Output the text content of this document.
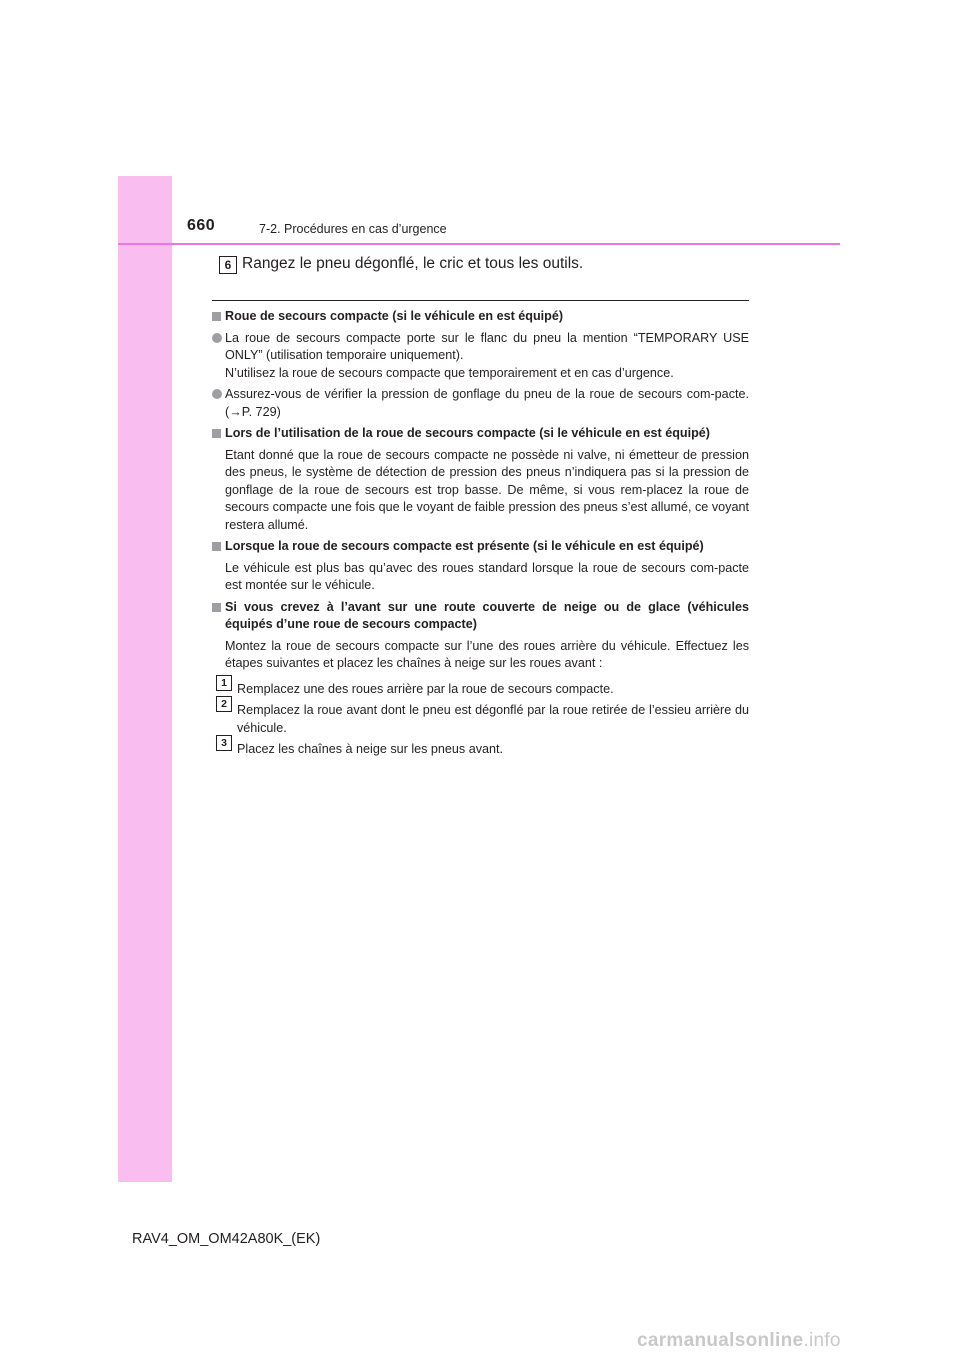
660	7-2. Procédures en cas d’urgence
6 Rangez le pneu dégonflé, le cric et tous les outils.
Roue de secours compacte (si le véhicule en est équipé)
La roue de secours compacte porte sur le flanc du pneu la mention “TEMPORARY USE ONLY” (utilisation temporaire uniquement).
N’utilisez la roue de secours compacte que temporairement et en cas d’urgence.
Assurez-vous de vérifier la pression de gonflage du pneu de la roue de secours com-pacte. (→P. 729)
Lors de l’utilisation de la roue de secours compacte (si le véhicule en est équipé)
Etant donné que la roue de secours compacte ne possède ni valve, ni émetteur de pression des pneus, le système de détection de pression des pneus n’indiquera pas si la pression de gonflage de la roue de secours est trop basse. De même, si vous rem-placez la roue de secours compacte une fois que le voyant de faible pression des pneus s’est allumé, ce voyant restera allumé.
Lorsque la roue de secours compacte est présente (si le véhicule en est équipé)
Le véhicule est plus bas qu’avec des roues standard lorsque la roue de secours com-pacte est montée sur le véhicule.
Si vous crevez à l’avant sur une route couverte de neige ou de glace (véhicules équipés d’une roue de secours compacte)
Montez la roue de secours compacte sur l’une des roues arrière du véhicule. Effectuez les étapes suivantes et placez les chaînes à neige sur les roues avant :
1 Remplacez une des roues arrière par la roue de secours compacte.
2 Remplacez la roue avant dont le pneu est dégonflé par la roue retirée de l’essieu arrière du véhicule.
3 Placez les chaînes à neige sur les pneus avant.
RAV4_OM_OM42A80K_(EK)
carmanualsonline.info
